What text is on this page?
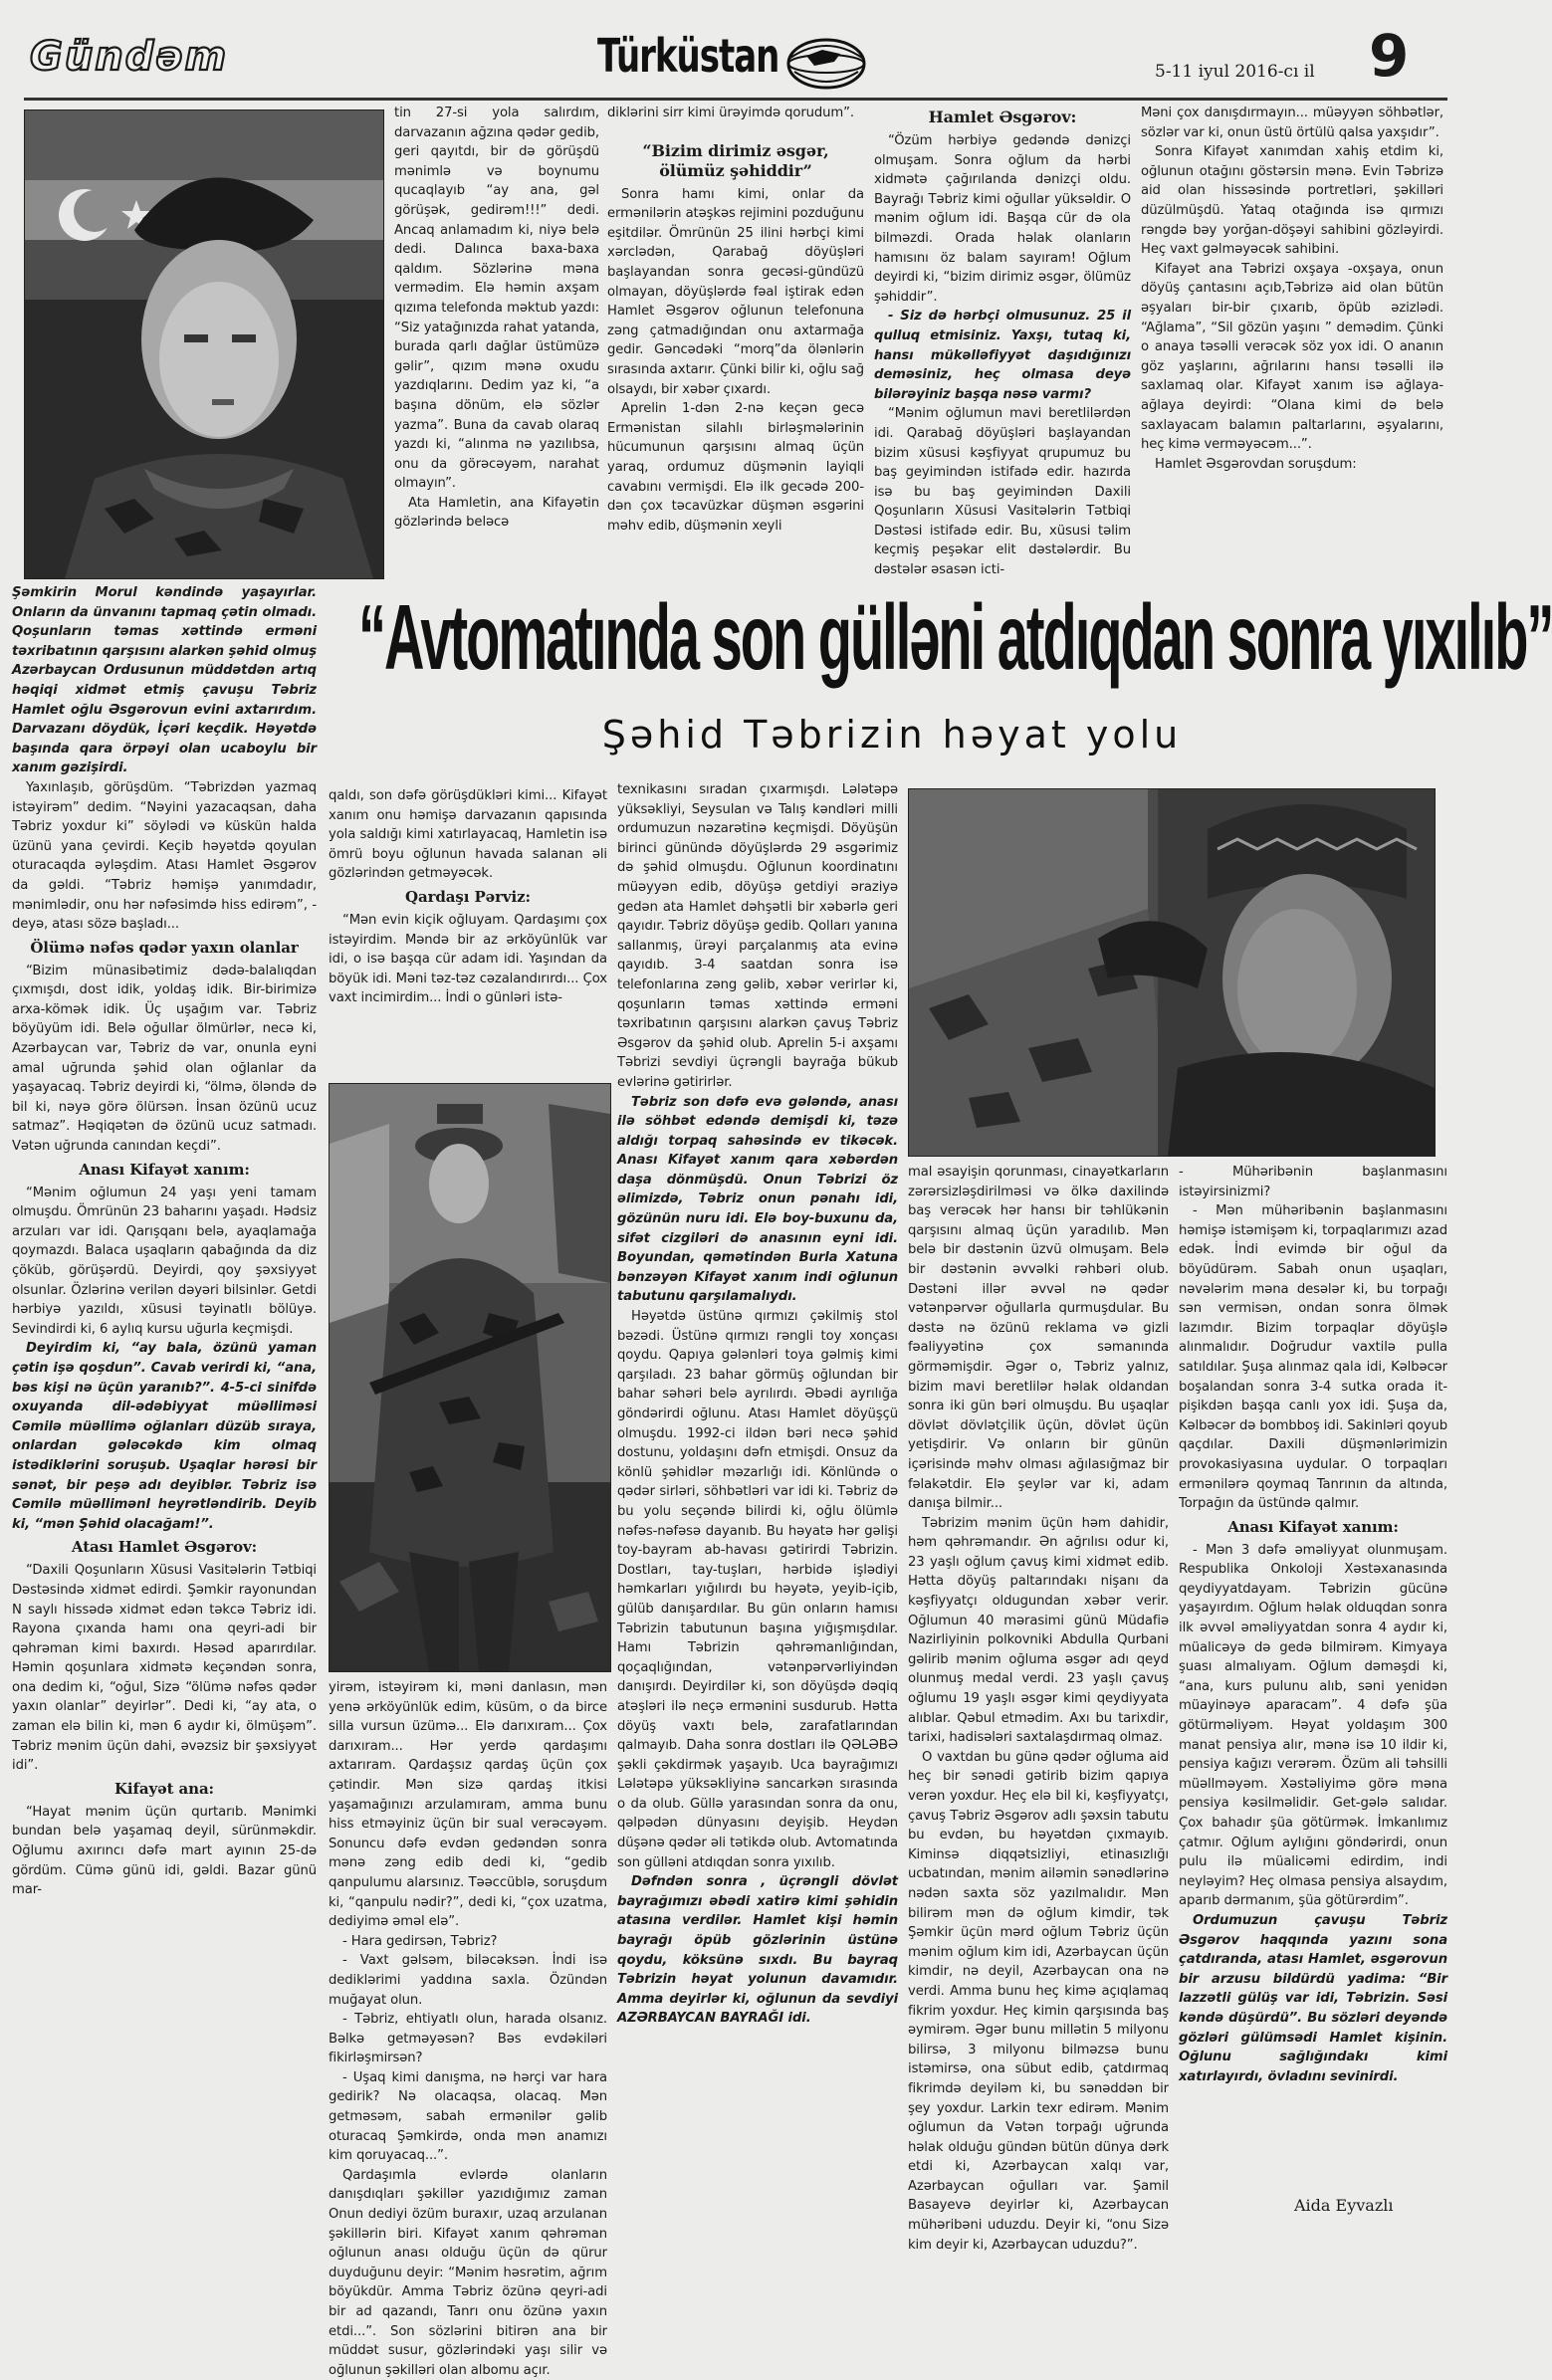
Gündəm	Türküstan	5-11 iyul 2016-cı il 9

tin 27-si yola salırdım, darvazanın ağzına qədər gedib, geri qayıtdı, bir də görüşdü mənimlə və boynumu qucaqlayıb “ay ana, gəl görüşək, gedirəm!!!” dedi. Ancaq anlamadım ki, niyə belə dedi. Dalınca baxa-baxa qaldım. Sözlərinə məna vermədim. Elə həmin axşam qızıma telefonda məktub yazdı: “Siz yatağınızda rahat yatanda, burada qarlı dağlar üstümüzə gəlir”, qızım mənə oxudu yazdıqlarını. Dedim yaz ki, “a başına dönüm, elə sözlər yazma”. Buna da cavab olaraq yazdı ki, “alınma nə yazılıbsa, onu da görəcəyəm, narahat olmayın”.

Ata Hamletin, ana Kifayətin gözlərində beləcə

diklərini sirr kimi ürəyimdə qorudum”.

“Bizim dirimiz əsgər, ölümüz şəhiddir”

Sonra hamı kimi, onlar da ermənilərin atəşkəs rejimini pozduğunu eşitdilər. Ömrünün 25 ilini hərbçi kimi xərclədən, Qarabağ döyüşləri başlayandan sonra gecəsi-gündüzü olmayan, döyüşlərdə fəal iştirak edən Hamlet Əsgərov oğlunun telefonuna zəng çatmadığından onu axtarmağa gedir. Gəncədəki “morq”da ölənlərin sırasında axtarır. Çünki bilir ki, oğlu sağ olsaydı, bir xəbər çıxardı.

Aprelin 1-dən 2-nə keçən gecə Ermənistan silahlı birləşmələrinin hücumunun qarşısını almaq üçün yaraq, ordumuz düşmənin layiqli cavabını vermişdi. Elə ilk gecədə 200-dən çox təcavüzkar düşmən əsgərini məhv edib, düşmənin xeyli

Hamlet Əsgərov:

“Özüm hərbiyə gedəndə dənizçi olmuşam. Sonra oğlum da hərbi xidmətə çağırılanda dənizçi oldu. Bayrağı Təbriz kimi oğullar yüksəldir. O mənim oğlum idi. Başqa cür də ola bilməzdi. Orada həlak olanların hamısını öz balam sayıram! Oğlum deyirdi ki, “bizim dirimiz əsgər, ölümüz şəhiddir”.

- Siz də hərbçi olmusunuz. 25 il qulluq etmisiniz. Yaxşı, tutaq ki, hansı mükəlləfiyyət daşıdığınızı deməsiniz, heç olmasa deyə bilərəyiniz başqa nəsə varmı?

“Mənim oğlumun mavi beretlilərdən idi. Qarabağ döyüşləri başlayandan bizim xüsusi kəşfiyyat qrupumuz bu baş geyimindən istifadə edir. hazırda isə bu baş geyimindən Daxili Qoşunların Xüsusi Vasitələrin Tətbiqi Dəstəsi istifadə edir. Bu, xüsusi təlim keçmiş peşəkar elit dəstələrdir. Bu dəstələr əsasən icti-

Məni çox danışdırmayın... müəyyən söhbətlər, sözlər var ki, onun üstü örtülü qalsa yaxşıdır”.

Sonra Kifayət xanımdan xahiş etdim ki, oğlunun otağını göstərsin mənə. Evin Təbrizə aid olan hissəsində portretləri, şəkilləri düzülmüşdü. Yataq otağında isə qırmızı rəngdə bəy yorğan-döşəyi sahibini gözləyirdi. Heç vaxt gəlməyəcək sahibini.

Kifayət ana Təbrizi oxşaya -oxşaya, onun döyüş çantasını açıb,Təbrizə aid olan bütün əşyaları bir-bir çıxarıb, öpüb əzizlədi. “Ağlama”, “Sil gözün yaşını ” demədim. Çünki o anaya təsəlli verəcək söz yox idi. O ananın göz yaşlarını, ağrılarını hansı təsəlli ilə saxlamaq olar. Kifayət xanım isə ağlaya-ağlaya deyirdi: “Olana kimi də belə saxlayacam balamın paltarlarını, əşyalarını, heç kimə verməyəcəm...”.

Hamlet Əsgərovdan soruşdum:

“Avtomatında son gülləni atdıqdan sonra yıxılıb”
Şəhid Təbrizin həyat yolu

Şəmkirin Morul kəndində yaşayırlar. Onların da ünvanını tapmaq çətin olmadı. Qoşunların təmas xəttində erməni təxribatının qarşısını alarkən şəhid olmuş Azərbaycan Ordusunun müddətdən artıq həqiqi xidmət etmiş çavuşu Təbriz Hamlet oğlu Əsgərovun evini axtarırdım. Darvazanı döydük, İçəri keçdik. Həyətdə başında qara örpəyi olan ucaboylu bir xanım gəzişirdi.

Yaxınlaşıb, görüşdüm. “Təbrizdən yazmaq istəyirəm” dedim. “Nəyini yazacaqsan, daha Təbriz yoxdur ki” söylədi və küskün halda üzünü yana çevirdi. Keçib həyətdə qoyulan oturacaqda əyləşdim. Atası Hamlet Əsgərov da gəldi. “Təbriz həmişə yanımdadır, mənimlədir, onu hər nəfəsimdə hiss edirəm”, - deyə, atası sözə başladı...

Ölümə nəfəs qədər yaxın olanlar

“Bizim münasibətimiz dədə-balalıqdan çıxmışdı, dost idik, yoldaş idik. Bir-birimizə arxa-kömək idik. Üç uşağım var. Təbriz böyüyüm idi. Belə oğullar ölmürlər, necə ki, Azərbaycan var, Təbriz də var, onunla eyni amal uğrunda şəhid olan oğlanlar da yaşayacaq. Təbriz deyirdi ki, “ölmə, öləndə də bil ki, nəyə görə ölürsən. İnsan özünü ucuz satmaz”. Həqiqətən də özünü ucuz satmadı. Vətən uğrunda canından keçdi”.

Anası Kifayət xanım:

“Mənim oğlumun 24 yaşı yeni tamam olmuşdu. Ömrünün 23 baharını yaşadı. Hədsiz arzuları var idi. Qarışqanı belə, ayaqlamağa qoymazdı. Balaca uşaqların qabağında da diz çöküb, görüşərdü. Deyirdi, qoy şəxsiyyət olsunlar. Özlərinə verilən dəyəri bilsinlər. Getdi hərbiyə yazıldı, xüsusi təyinatlı bölüyə. Sevindirdi ki, 6 aylıq kursu uğurla keçmişdi.

Deyirdim ki, “ay bala, özünü yaman çətin işə qoşdun”. Cavab verirdi ki, “ana, bəs kişi nə üçün yaranıb?”. 4-5-ci sinifdə oxuyanda dil-ədəbiyyat müəlliməsi Cəmilə müəllimə oğlanları düzüb sıraya, onlardan gələcəkdə kim olmaq istədiklərini soruşub. Uşaqlar hərəsi bir sənət, bir peşə adı deyiblər. Təbriz isə Cəmilə müəllimənl heyrətləndirib. Deyib ki, “mən Şəhid olacağam!”.

Atası Hamlet Əsgərov:

“Daxili Qoşunların Xüsusi Vasitələrin Tətbiqi Dəstəsində xidmət edirdi. Şəmkir rayonundan N saylı hissədə xidmət edən təkcə Təbriz idi. Rayona çıxanda hamı ona qeyri-adi bir qəhrəman kimi baxırdı. Həsəd aparırdılar. Həmin qoşunlara xidmətə keçəndən sonra, ona dedim ki, “oğul, Sizə “ölümə nəfəs qədər yaxın olanlar” deyirlər”. Dedi ki, “ay ata, o zaman elə bilin ki, mən 6 aydır ki, ölmüşəm”. Təbriz mənim üçün dahi, əvəzsiz bir şəxsiyyət idi”.

Kifayət ana:

“Hayat mənim üçün qurtarıb. Mənimki bundan belə yaşamaq deyil, sürünməkdir. Oğlumu axırıncı dəfə mart ayının 25-də gördüm. Cümə günü idi, gəldi. Bazar günü mar-

qaldı, son dəfə görüşdükləri kimi... Kifayət xanım onu həmişə darvazanın qapısında yola saldığı kimi xatırlayacaq, Hamletin isə ömrü boyu oğlunun havada salanan əli gözlərindən getməyəcək.

Qardaşı Pərviz:

“Mən evin kiçik oğluyam. Qardaşımı çox istəyirdim. Məndə bir az ərköyünlük var idi, o isə başqa cür adam idi. Yaşından da böyük idi. Məni təz-təz cəzalandırırdı... Çox vaxt incimirdim... İndi o günləri istə-

yirəm, istəyirəm ki, məni danlasın, mən yenə ərköyünlük edim, küsüm, o da birce silla vursun üzümə... Elə darıxıram... Çox darıxıram... Hər yerdə qardaşımı axtarıram. Qardaşsız qardaş üçün çox çətindir. Mən sizə qardaş itkisi yaşamağınızı arzulamıram, amma bunu hiss etməyiniz üçün bir sual verəcəyəm. Sonuncu dəfə evdən gedəndən sonra mənə zəng edib dedi ki, “gedib qanpulumu alarsınız. Təəccüblə, soruşdum ki, “qanpulu nədir?”, dedi ki, “çox uzatma, dediyimə əməl elə”.

- Hara gedirsən, Təbriz?

- Vaxt gəlsəm, biləcəksən. İndi isə dediklərimi yaddına saxla. Özündən muğayat olun.

- Təbriz, ehtiyatlı olun, harada olsanız. Bəlkə getməyəsən? Bəs evdəkiləri fikirləşmirsən?

- Uşaq kimi danışma, nə hərçi var hara gedirik? Nə olacaqsa, olacaq. Mən getməsəm, sabah ermənilər gəlib oturacaq Şəmkirdə, onda mən anamızı kim qoruyacaq...”.

Qardaşımla evlərdə olanların danışdıqları şəkillər yazıdığımız zaman Onun dediyi özüm buraxır, uzaq arzulanan şəkillərin biri. Kifayət xanım qəhrəman oğlunun anası olduğu üçün də qürur duyduğunu deyir: “Mənim həsrətim, ağrım böyükdür. Amma Təbriz özünə qeyri-adi bir ad qazandı, Tanrı onu özünə yaxın etdi...”. Son sözlərini bitirən ana bir müddət susur, gözlərindəki yaşı silir və oğlunun şəkilləri olan albomu açır.

texnikasını sıradan çıxarmışdı. Lələtəpə yüksəkliyi, Seysulan və Talış kəndləri milli ordumuzun nəzarətinə keçmişdi. Döyüşün birinci günündə döyüşlərdə 29 əsgərimiz də şəhid olmuşdu. Oğlunun koordinatını müəyyən edib, döyüşə getdiyi əraziyə gedən ata Hamlet dəhşətli bir xəbərlə geri qayıdır. Təbriz döyüşə gedib. Qolları yanına sallanmış, ürəyi parçalanmış ata evinə qayıdıb. 3-4 saatdan sonra isə telefonlarına zəng gəlib, xəbər verirlər ki, qoşunların təmas xəttində erməni təxribatının qarşısını alarkən çavuş Təbriz Əsgərov da şəhid olub. Aprelin 5-i axşamı Təbrizi sevdiyi üçrəngli bayrağa bükub evlərinə gətirirlər.

Təbriz son dəfə evə gələndə, anası ilə söhbət edəndə demişdi ki, təzə aldığı torpaq sahəsində ev tikəcək. Anası Kifayət xanım qara xəbərdən daşa dönmüşdü. Onun Təbrizi öz əlimizdə, Təbriz onun pənahı idi, gözünün nuru idi. Elə boy-buxunu da, sifət cizgiləri də anasının eyni idi. Boyundan, qəmətindən Burla Xatuna bənzəyən Kifayət xanım indi oğlunun tabutunu qarşılamalıydı.

Həyətdə üstünə qırmızı çəkilmiş stol bəzədi. Üstünə qırmızı rəngli toy xonçası qoydu. Qapıya gələnləri toya gəlmiş kimi qarşıladı. 23 bahar görmüş oğlundan bir bahar səhəri belə ayrılırdı. Əbədi ayrılığa göndərirdi oğlunu. Atası Hamlet döyüşçü olmuşdu. 1992-ci ildən bəri necə şəhid dostunu, yoldaşını dəfn etmişdi. Onsuz da könlü şəhidlər məzarlığı idi. Könlündə o qədər sirləri, söhbətləri var idi ki. Təbriz də bu yolu seçəndə bilirdi ki, oğlu ölümlə nəfəs-nəfəsə dayanıb. Bu həyatə hər gəlişi toy-bayram ab-havası gətirirdi Təbrizin. Dostları, tay-tuşları, hərbidə işlədiyi həmkarları yığılırdı bu həyətə, yeyib-içib, gülüb danışardılar. Bu gün onların hamısı Təbrizin tabutunun başına yığışmışdılar. Hamı Təbrizin qəhrəmanlığından, qoçaqlığından, vətənpərvərliyindən danışırdı. Deyirdilər ki, son döyüşdə dəqiq atəşləri ilə neçə ermənini susdurub. Hətta döyüş vaxtı belə, zarafatlarından qalmayıb. Daha sonra dostları ilə QƏLƏBƏ şəkli çəkdirmək yaşayıb. Uca bayrağımızı Lələtəpə yüksəkliyinə sancarkən sırasında o da olub. Güllə yarasından sonra da onu, qəlpədən dünyasını deyişib. Heydən düşənə qədər əli tətikdə olub. Avtomatında son gülləni atdıqdan sonra yıxılıb.

Dəfndən sonra , üçrəngli dövlət bayrağımızı əbədi xatirə kimi şəhidin atasına verdilər. Hamlet kişi həmin bayrağı öpüb gözlərinin üstünə qoydu, köksünə sıxdı. Bu bayraq Təbrizin həyat yolunun davamıdır. Amma deyirlər ki, oğlunun da sevdiyi AZƏRBAYCAN BAYRAĞI idi.

mal əsayişin qorunması, cinayətkarların zərərsizləşdirilməsi və ölkə daxilində baş verəcək hər hansı bir təhlükənin qarşısını almaq üçün yaradılıb. Mən belə bir dəstənin üzvü olmuşam. Belə bir dəstənin əvvəlki rəhbəri olub. Dəstəni illər əvvəl nə qədər vətənpərvər oğullarla qurmuşdular. Bu dəstə nə özünü reklama və gizli fəaliyyətinə çox səmanında görməmişdir. Əgər o, Təbriz yalnız, bizim mavi beretlilər həlak oldandan sonra iki gün bəri olmuşdu. Bu uşaqlar dövlət dövlətçilik üçün, dövlət üçün yetişdirir. Və onların bir günün içərisində məhv olması ağılasığmaz bir fəlakətdir. Elə şeylər var ki, adam danışa bilmir...

Təbrizim mənim üçün həm dahidir, həm qəhrəmandır. Ən ağrılısı odur ki, 23 yaşlı oğlum çavuş kimi xidmət edib. Hətta döyüş paltarındakı nişanı da kəşfiyyatçı oldugundan xəbər verir. Oğlumun 40 mərasimi günü Müdafiə Nazirliyinin polkovniki Abdulla Qurbani gəlirib mənim oğluma əsgər adı qeyd olunmuş medal verdi. 23 yaşlı çavuş oğlumu 19 yaşlı əsgər kimi qeydiyyata alıblar. Qəbul etmədim. Axı bu tarixdir, tarixi, hadisələri saxtalaşdırmaq olmaz.

O vaxtdan bu günə qədər oğluma aid heç bir sənədi gətirib bizim qapıya verən yoxdur. Heç elə bil ki, kəşfiyyatçı, çavuş Təbriz Əsgərov adlı şəxsin tabutu bu evdən, bu həyətdən çıxmayıb. Kiminsə diqqətsizliyi, etinasızlığı ucbatından, mənim ailəmin sənədlərinə nədən saxta söz yazılmalıdır. Mən bilirəm mən də oğlum kimdir, tək Şəmkir üçün mərd oğlum Təbriz üçün mənim oğlum kim idi, Azərbaycan üçün kimdir, nə deyil, Azərbaycan ona nə verdi. Amma bunu heç kimə açıqlamaq fikrim yoxdur. Heç kimin qarşısında baş əymirəm. Əgər bunu millətin 5 milyonu bilirsə, 3 milyonu bilməzsə bunu istəmirsə, ona sübut edib, çatdırmaq fikrimdə deyiləm ki, bu sənəddən bir şey yoxdur. Larkin texr edirəm. Mənim oğlumun da Vətən torpağı uğrunda həlak olduğu gündən bütün dünya dərk etdi ki, Azərbaycan xalqı var, Azərbaycan oğulları var. Şamil Basayevə deyirlər ki, Azərbaycan mühəribəni uduzdu. Deyir ki, “onu Sizə kim deyir ki, Azərbaycan uduzdu?”.

- Mühəribənin başlanmasını istəyirsinizmi?

- Mən mühəribənin başlanmasını həmişə istəmişəm ki, torpaqlarımızı azad edək. İndi evimdə bir oğul da böyüdürəm. Sabah onun uşaqları, nəvələrim məna desələr ki, bu torpağı sən vermisən, ondan sonra ölmək lazımdır. Bizim torpaqlar döyüşlə alınmalıdır. Doğrudur vaxtilə pulla satıldılar. Şuşa alınmaz qala idi, Kəlbəcər boşalandan sonra 3-4 sutka orada it-pişikdən başqa canlı yox idi. Şuşa da, Kəlbəcər də bombboş idi. Sakinləri qoyub qaçdılar. Daxili düşmənlərimizin provokasiyasına uydular. O torpaqları ermənilərə qoymaq Tanrının da altında, Torpağın da üstündə qalmır.

Anası Kifayət xanım:

- Mən 3 dəfə əməliyyat olunmuşam. Respublika Onkoloji Xəstəxanasında qeydiyyatdayam. Təbrizin gücünə yaşayırdım. Oğlum həlak olduqdan sonra ilk əvvəl əməliyyatdan sonra 4 aydır ki, müalicəyə də gedə bilmirəm. Kimyaya şuası almalıyam. Oğlum dəməşdi ki, “ana, kurs pulunu alıb, səni yenidən müayinəyə aparacam”. 4 dəfə şüa götürməliyəm. Həyat yoldaşım 300 manat pensiya alır, mənə isə 10 ildir ki, pensiya kağızı verərəm. Özüm ali təhsilli müəllməyəm. Xəstəliyimə görə məna pensiya kəsilməlidir. Get-gələ salıdar. Çox bahadır şüa götürmək. İmkanlımız çatmır. Oğlum aylığını göndərirdi, onun pulu ilə müalicəmi edirdim, indi neyləyim? Heç olmasa pensiya alsaydım, aparıb dərmanım, şüa götürərdim”.

Ordumuzun çavuşu Təbriz Əsgərov haqqında yazını sona çatdıranda, atası Hamlet, əsgərovun bir arzusu bildürdü yadima: “Bir lazzətli gülüş var idi, Təbrizin. Səsi kəndə düşürdü”. Bu sözləri deyəndə gözləri gülümsədi Hamlet kişinin. Oğlunu sağlığındakı kimi xatırlayırdı, övladını sevinirdi.

Aida Eyvazlı
